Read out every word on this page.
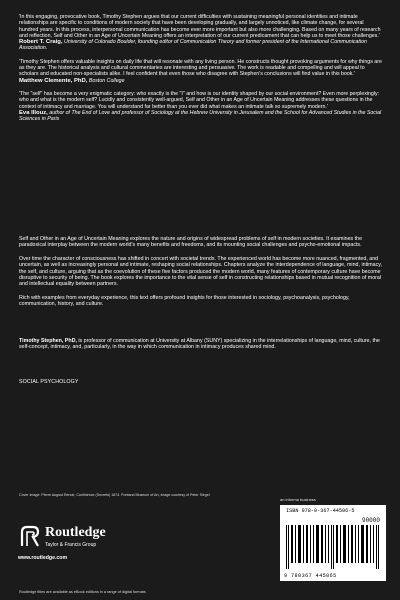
'In this engaging, provocative book, Timothy Stephen argues that our current difficulties with sustaining meaningful personal identities and intimate relationships are specific to conditions of modern society that have been developing gradually, and largely unnoticed, like climate change, for several hundred years. In this process, interpersonal communication has become ever more important but also more challenging. Based on many years of research and reflection, Self and Other in an Age of Uncertain Meaning offers an interpretation of our current predicament that can help us to meet those challenges.'

Robert T. Craig, University of Colorado Boulder, founding editor of Communication Theory and former president of the International Communication Association.

'Timothy Stephen offers valuable insights on daily life that will resonate with any living person. He constructs thought provoking arguments for why things are as they are. The historical analysis and cultural commentaries are interesting and persuasive. The work is readable and compelling and will appeal to scholars and educated non-specialists alike. I feel confident that even those who disagree with Stephen's conclusions will find value in this book.'

Matthew Clemente, PhD, Boston College

'The "self" has become a very enigmatic category: who exactly is the "I" and how is our identity shaped by our social environment? Even more perplexingly: who and what is the modern self? Lucidly and consistently well-argued, Self and Other in an Age of Uncertain Meaning addresses these questions in the context of intimacy and marriage. You will understand far better than you ever did what makes an intimate talk so supremely modern.'

Eva Illouz, author of The End of Love and professor of Sociology at the Hebrew University in Jerusalem and the School for Advanced Studies in the Social Sciences in Paris

Self and Other in an Age of Uncertain Meaning explores the nature and origins of widespread problems of self in modern societies. It examines the paradoxical interplay between the modern world's many benefits and freedoms, and its mounting social challenges and psycho-emotional impacts.

Over time the character of consciousness has shifted in concert with societal trends. The experienced world has become more nuanced, fragmented, and uncertain, as well as increasingly personal and intimate, reshaping social relationships. Chapters analyze the interdependence of language, mind, intimacy, the self, and culture, arguing that as the coevolution of these five factors produced the modern world, many features of contemporary culture have become disruptive to security of being. The book explores the importance to the vital sense of self in constructing relationships based in mutual recognition of moral and intellectual equality between partners.

Rich with examples from everyday experience, this text offers profound insights for those interested in sociology, psychoanalysis, psychology, communication, history, and culture.

Timothy Stephen, PhD, is professor of communication at University at Albany (SUNY) specializing in the interrelationships of language, mind, culture, the self-concept, intimacy, and, particularly, in the way in which communication in intimacy produces shared mind.
SOCIAL PSYCHOLOGY
Cover image: Pierre August Renoir, Confidence (Secrets) 1874. Portland Museum of Art, image courtesy of Peter Siegel
Routledge
Taylor & Francis Group
www.routledge.com
an informa business
ISBN 978-0-367-44506-5
90000
9 780367 445065
Routledge titles are available as eBook editions in a range of digital formats
